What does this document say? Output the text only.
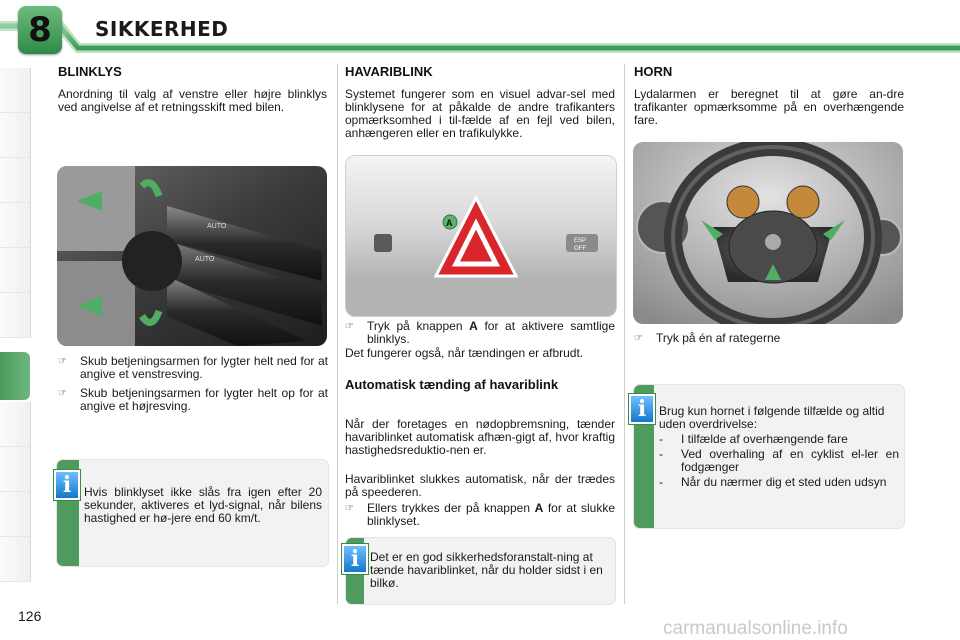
8	SIKKERHED
BLINKLYS
Anordning til valg af venstre eller højre blinklys ved angivelse af et retningsskift med bilen.
AUTO
AUTO
☞	Skub betjeningsarmen for lygter helt ned for at angive et venstresving.
☞	Skub betjeningsarmen for lygter helt op for at angive et højresving.
i	Hvis blinklyset ikke slås fra igen efter 20 sekunder, aktiveres et lyd-signal, når bilens hastighed er hø-jere end 60 km/t.
HAVARIBLINK
Systemet fungerer som en visuel advar-sel med blinklysene for at påkalde de andre trafikanters opmærksomhed i til-fælde af en fejl ved bilen, anhængeren eller en trafikulykke.
A
ESP
OFF
☞	Tryk på knappen A for at aktivere samtlige blinklys.
Det fungerer også, når tændingen er afbrudt.
Automatisk tænding af havariblink
Når der foretages en nødopbremsning, tænder havariblinket automatisk afhæn-gigt af, hvor kraftig hastighedsreduktio-nen er.
Havariblinket slukkes automatisk, når der trædes på speederen.
☞	Ellers trykkes der på knappen A for at slukke blinklyset.
i Det er en god sikkerhedsforanstalt-ning at tænde havariblinket, når du holder sidst i en bilkø.
HORN
Lydalarmen er beregnet til at gøre an-dre trafikanter opmærksomme på en overhængende fare.
☞	Tryk på én af rategerne
i	Brug kun hornet i følgende tilfælde og altid uden overdrivelse:
-	I tilfælde af overhængende fare
-	Ved overhaling af en cyklist el-ler en fodgænger
-	Når du nærmer dig et sted uden udsyn
126
carmanualsonline.info
